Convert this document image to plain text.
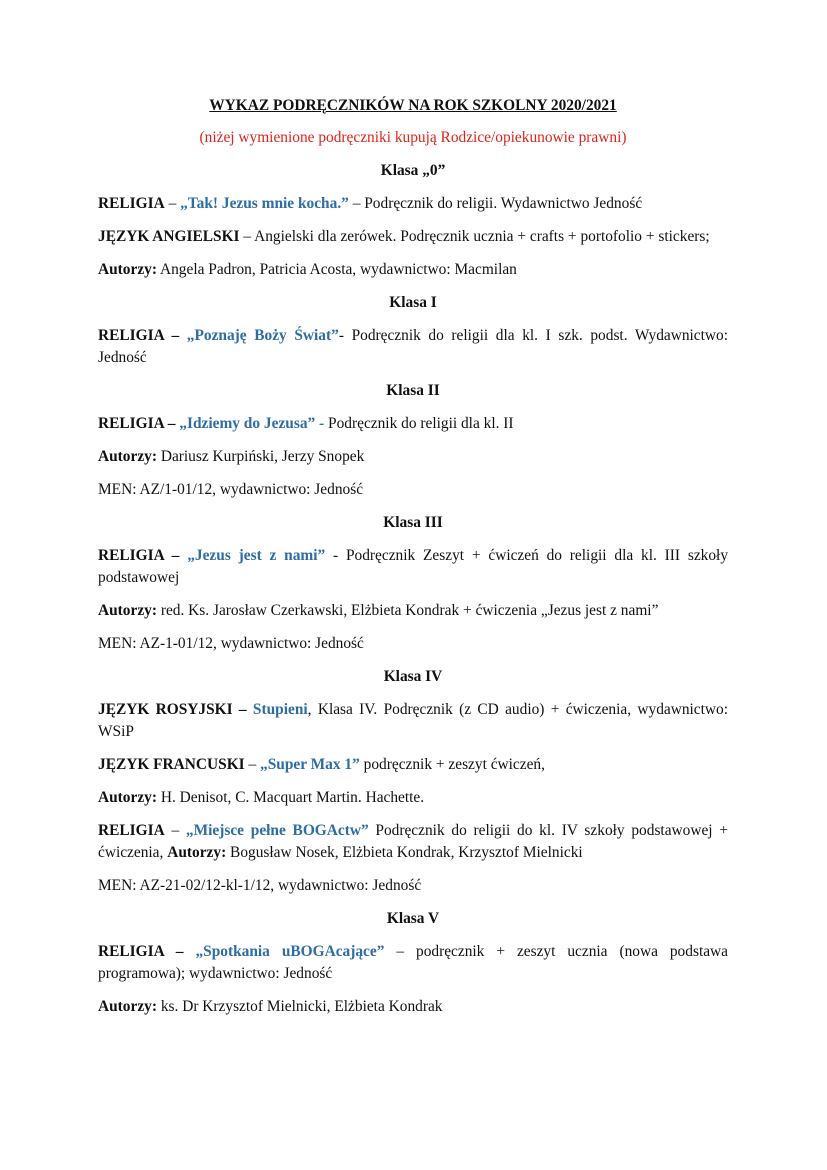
WYKAZ PODRĘCZNIKÓW NA ROK SZKOLNY 2020/2021
(niżej wymienione podręczniki kupują Rodzice/opiekunowie prawni)
Klasa „0”
RELIGIA – „Tak! Jezus mnie kocha.” – Podręcznik do religii. Wydawnictwo Jedność
JĘZYK ANGIELSKI – Angielski dla zerówek. Podręcznik ucznia + crafts + portofolio + stickers;
Autorzy: Angela Padron, Patricia Acosta, wydawnictwo: Macmilan
Klasa I
RELIGIA – „Poznaję Boży Świat”- Podręcznik do religii dla kl. I szk. podst. Wydawnictwo: Jedność
Klasa II
RELIGIA – „Idziemy do Jezusa” - Podręcznik do religii dla kl. II
Autorzy: Dariusz Kurpiński, Jerzy Snopek
MEN: AZ/1-01/12, wydawnictwo: Jedność
Klasa III
RELIGIA – „Jezus jest z nami” - Podręcznik Zeszyt + ćwiczeń do religii dla kl. III szkoły podstawowej
Autorzy: red. Ks. Jarosław Czerkawski, Elżbieta Kondrak + ćwiczenia „Jezus jest z nami”
MEN: AZ-1-01/12, wydawnictwo: Jedność
Klasa IV
JĘZYK ROSYJSKI – Stupieni, Klasa IV. Podręcznik (z CD audio) + ćwiczenia, wydawnictwo: WSiP
JĘZYK FRANCUSKI – „Super Max 1” podręcznik + zeszyt ćwiczeń,
Autorzy: H. Denisot, C. Macquart Martin. Hachette.
RELIGIA – „Miejsce pełne BOGActw” Podręcznik do religii do kl. IV szkoły podstawowej + ćwiczenia, Autorzy: Bogusław Nosek, Elżbieta Kondrak, Krzysztof Mielnicki
MEN: AZ-21-02/12-kl-1/12, wydawnictwo: Jedność
Klasa V
RELIGIA – „Spotkania uBOGAcające” – podręcznik + zeszyt ucznia (nowa podstawa programowa); wydawnictwo: Jedność
Autorzy: ks. Dr Krzysztof Mielnicki, Elżbieta Kondrak
